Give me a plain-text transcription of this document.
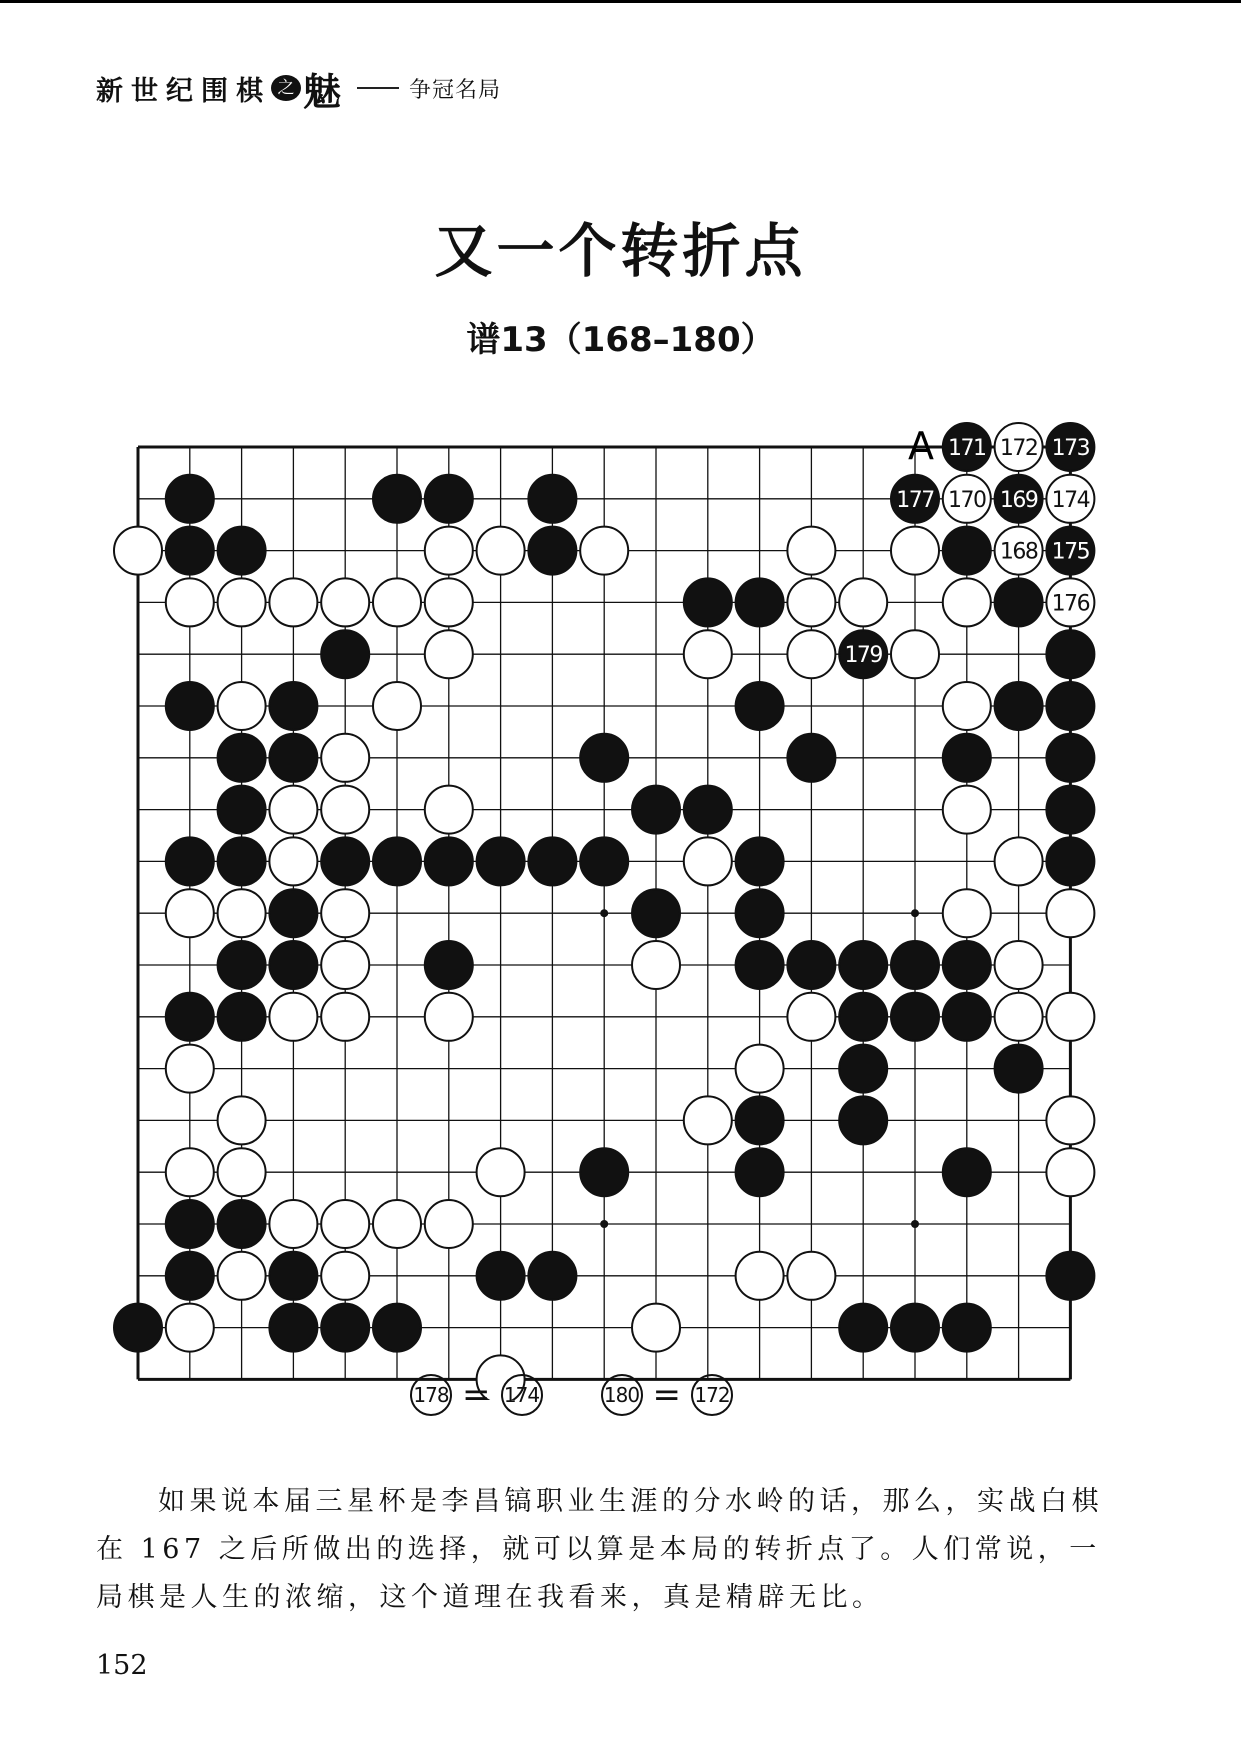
新世纪围棋 之 魅	争冠名局
又一个转折点
谱13（168–180）
171 172 173
177 170 169 174
168 175
176
179
A
178 = 174	180 = 172

如果说本届三星杯是李昌镐职业生涯的分水岭的话，那么，实战白棋在 167 之后所做出的选择，就可以算是本局的转折点了。人们常说，一局棋是人生的浓缩，这个道理在我看来，真是精辟无比。

152
